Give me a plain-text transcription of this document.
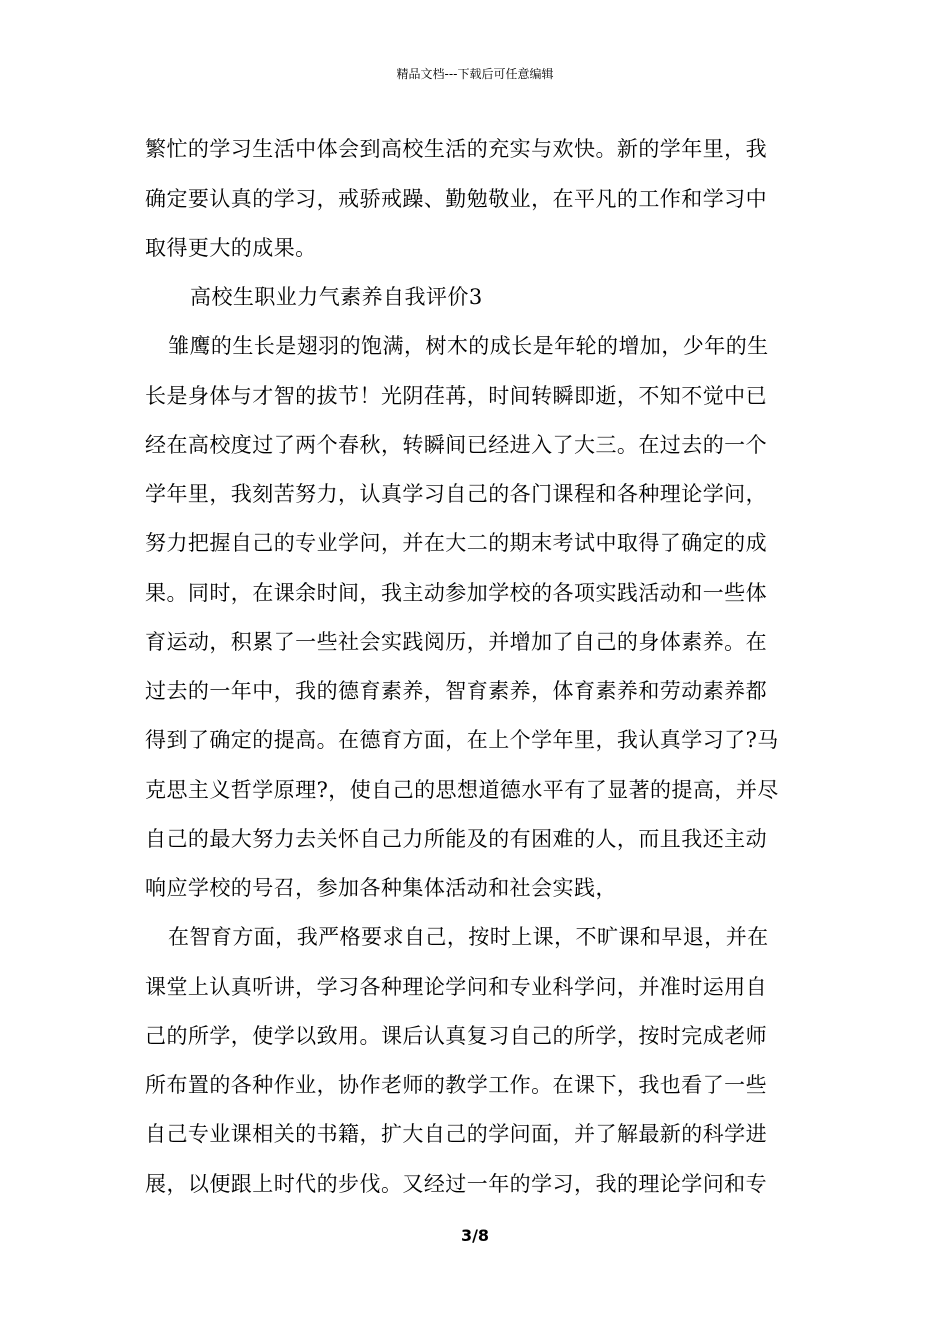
精品文档---下载后可任意编辑
繁忙的学习生活中体会到高校生活的充实与欢快。新的学年里，我
确定要认真的学习，戒骄戒躁、勤勉敬业，在平凡的工作和学习中
取得更大的成果。
高校生职业力气素养自我评价3
雏鹰的生长是翅羽的饱满，树木的成长是年轮的增加，少年的生
长是身体与才智的拔节！光阴荏苒，时间转瞬即逝，不知不觉中已
经在高校度过了两个春秋，转瞬间已经进入了大三。在过去的一个
学年里，我刻苦努力，认真学习自己的各门课程和各种理论学问，
努力把握自己的专业学问，并在大二的期末考试中取得了确定的成
果。同时，在课余时间，我主动参加学校的各项实践活动和一些体
育运动，积累了一些社会实践阅历，并增加了自己的身体素养。在
过去的一年中，我的德育素养，智育素养，体育素养和劳动素养都
得到了确定的提高。在德育方面，在上个学年里，我认真学习了?马
克思主义哲学原理?，使自己的思想道德水平有了显著的提高，并尽
自己的最大努力去关怀自己力所能及的有困难的人，而且我还主动
响应学校的号召，参加各种集体活动和社会实践，
在智育方面，我严格要求自己，按时上课，不旷课和早退，并在
课堂上认真听讲，学习各种理论学问和专业科学问，并准时运用自
己的所学，使学以致用。课后认真复习自己的所学，按时完成老师
所布置的各种作业，协作老师的教学工作。在课下，我也看了一些
自己专业课相关的书籍，扩大自己的学问面，并了解最新的科学进
展，以便跟上时代的步伐。又经过一年的学习，我的理论学问和专
3/8
